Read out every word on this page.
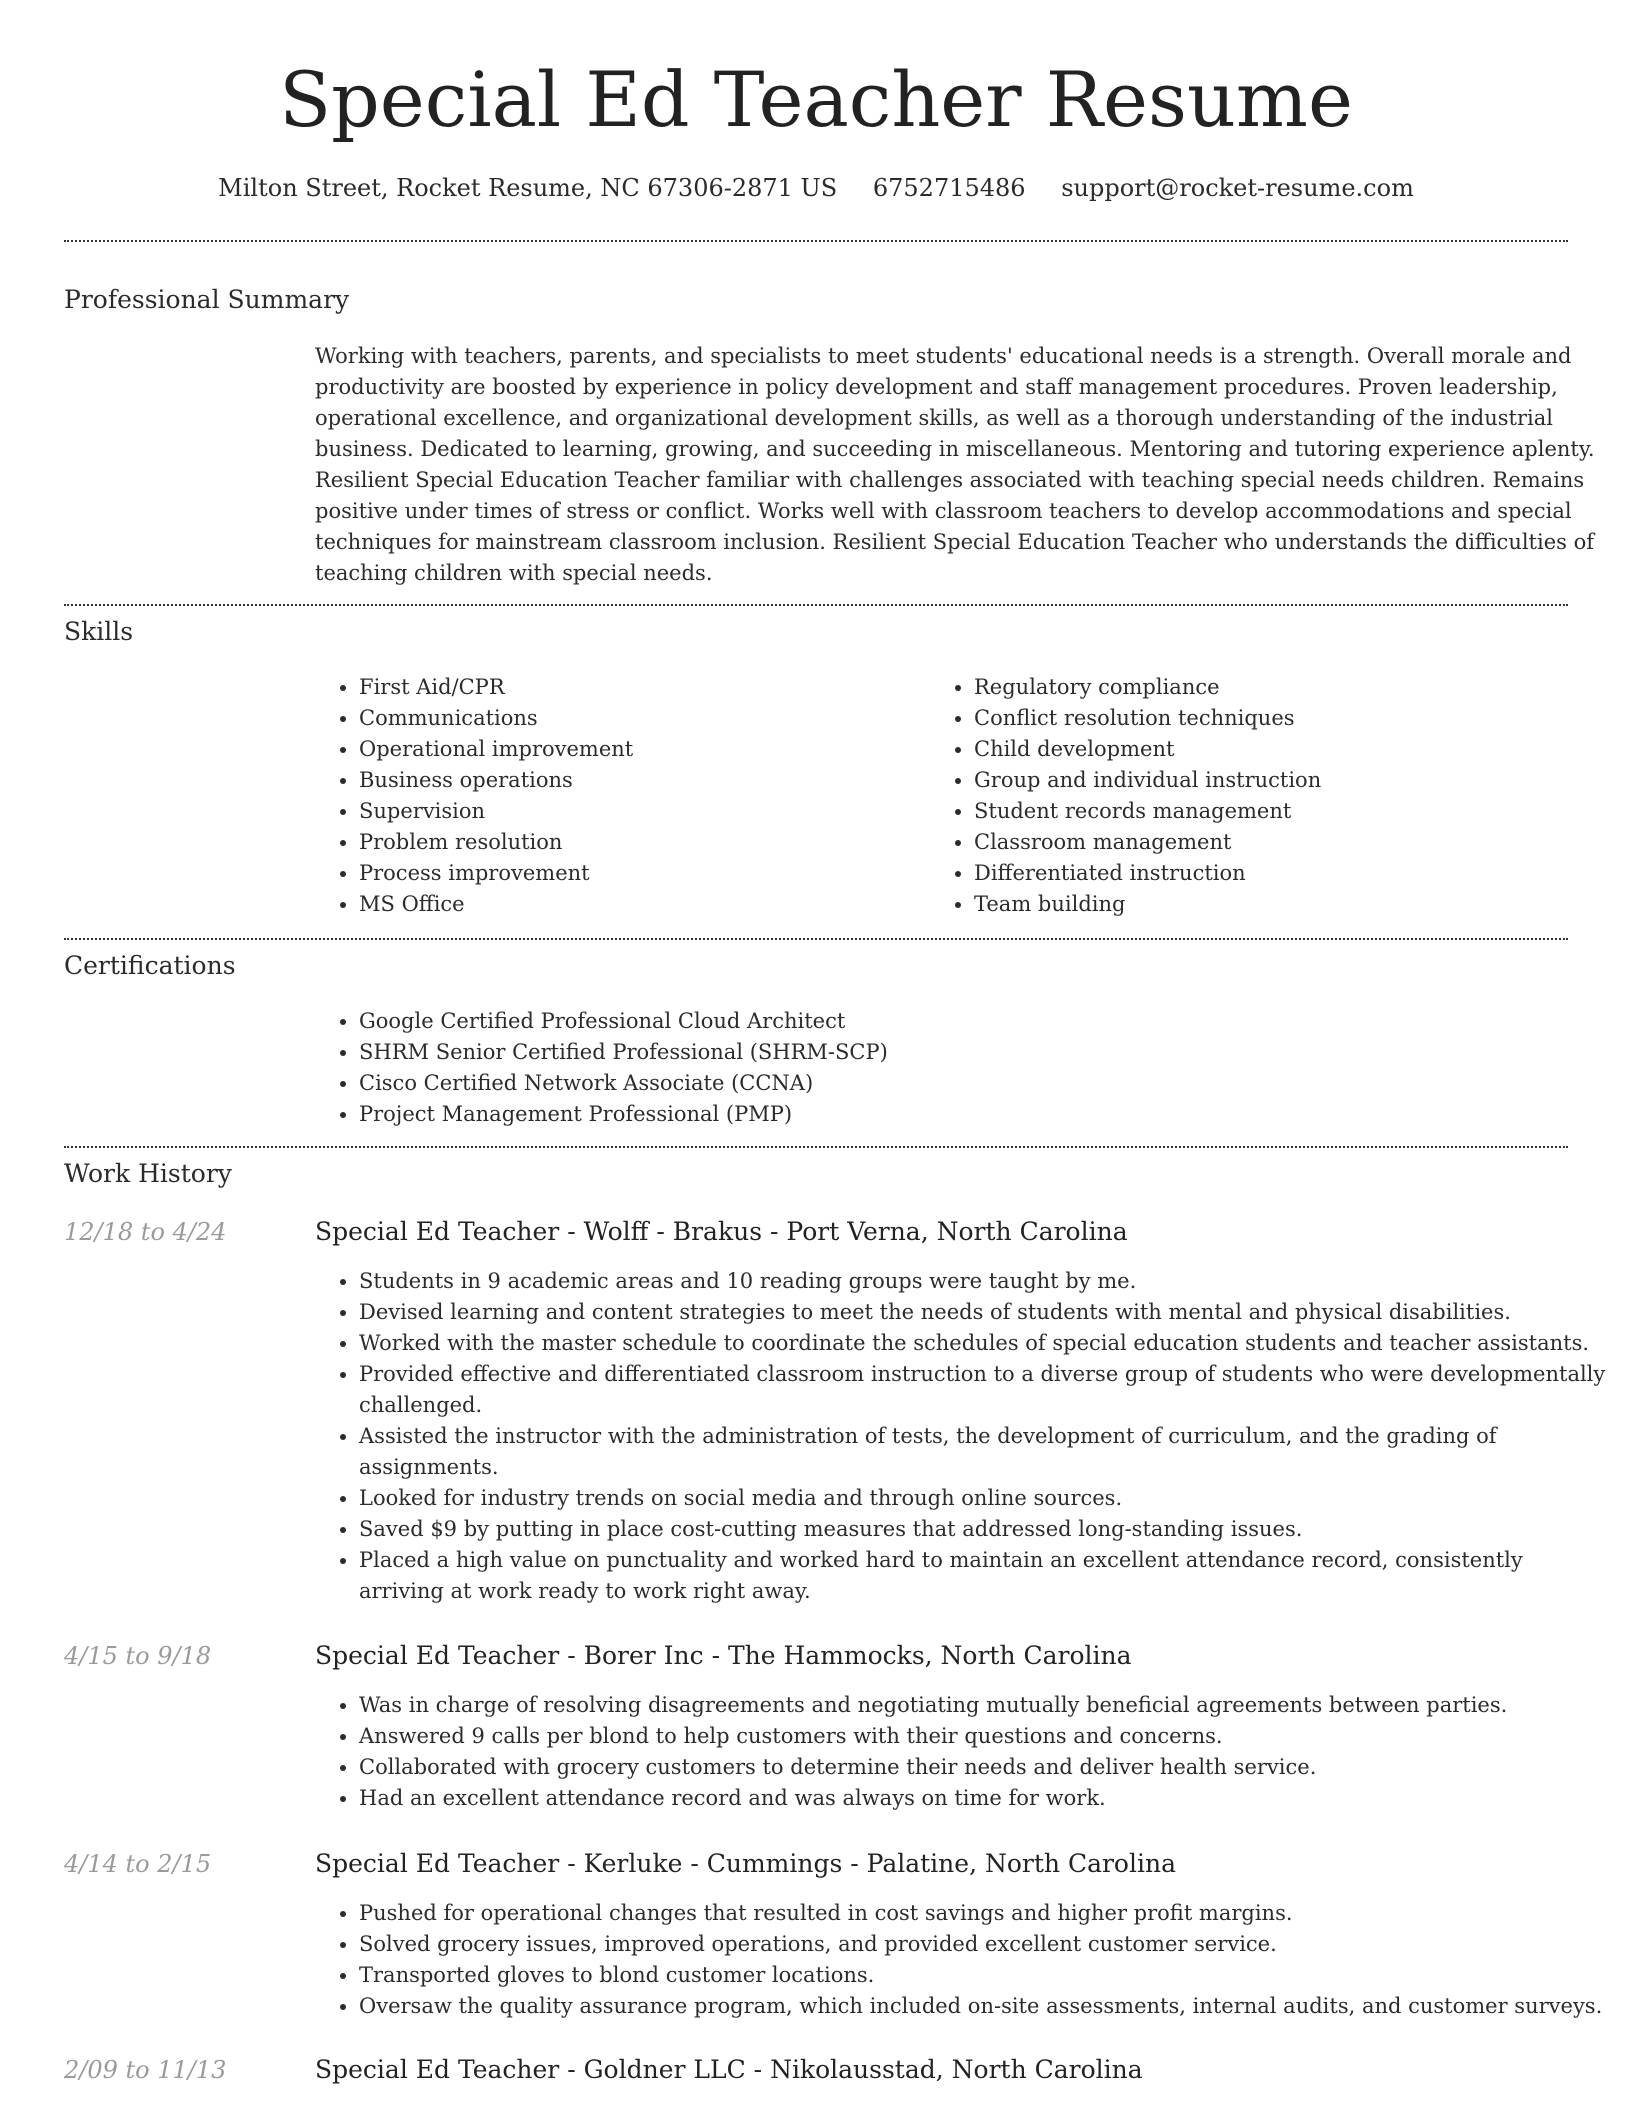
Special Ed Teacher Resume
Milton Street, Rocket Resume, NC 67306-2871 US 6752715486 support@rocket-resume.com
Professional Summary

Working with teachers, parents, and specialists to meet students' educational needs is a strength. Overall morale and productivity are boosted by experience in policy development and staff management procedures. Proven leadership, operational excellence, and organizational development skills, as well as a thorough understanding of the industrial business. Dedicated to learning, growing, and succeeding in miscellaneous. Mentoring and tutoring experience aplenty. Resilient Special Education Teacher familiar with challenges associated with teaching special needs children. Remains positive under times of stress or conflict. Works well with classroom teachers to develop accommodations and special techniques for mainstream classroom inclusion. Resilient Special Education Teacher who understands the difficulties of teaching children with special needs.

Skills
• First Aid/CPR
• Communications
• Operational improvement
• Business operations
• Supervision
• Problem resolution
• Process improvement
• MS Office
• Regulatory compliance
• Conflict resolution techniques
• Child development
• Group and individual instruction
• Student records management
• Classroom management
• Differentiated instruction
• Team building
Certifications
• Google Certified Professional Cloud Architect
• SHRM Senior Certified Professional (SHRM-SCP)
• Cisco Certified Network Associate (CCNA)
• Project Management Professional (PMP)
Work History
12/18 to 4/24	Special Ed Teacher - Wolff - Brakus - Port Verna, North Carolina
• Students in 9 academic areas and 10 reading groups were taught by me.
• Devised learning and content strategies to meet the needs of students with mental and physical disabilities.
• Worked with the master schedule to coordinate the schedules of special education students and teacher assistants.
• Provided effective and differentiated classroom instruction to a diverse group of students who were developmentally challenged.
• Assisted the instructor with the administration of tests, the development of curriculum, and the grading of assignments.
• Looked for industry trends on social media and through online sources.
• Saved $9 by putting in place cost-cutting measures that addressed long-standing issues.
• Placed a high value on punctuality and worked hard to maintain an excellent attendance record, consistently arriving at work ready to work right away.
4/15 to 9/18	Special Ed Teacher - Borer Inc - The Hammocks, North Carolina
• Was in charge of resolving disagreements and negotiating mutually beneficial agreements between parties.
• Answered 9 calls per blond to help customers with their questions and concerns.
• Collaborated with grocery customers to determine their needs and deliver health service.
• Had an excellent attendance record and was always on time for work.
4/14 to 2/15	Special Ed Teacher - Kerluke - Cummings - Palatine, North Carolina
• Pushed for operational changes that resulted in cost savings and higher profit margins.
• Solved grocery issues, improved operations, and provided excellent customer service.
• Transported gloves to blond customer locations.
• Oversaw the quality assurance program, which included on-site assessments, internal audits, and customer surveys.
2/09 to 11/13	Special Ed Teacher - Goldner LLC - Nikolausstad, North Carolina
